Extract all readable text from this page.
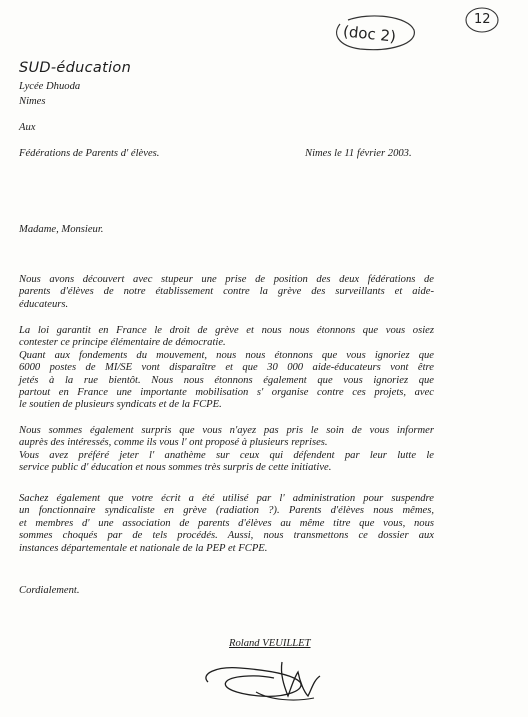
(doc 2)
12
SUD-éducation
Lycée Dhuoda
Nimes
Aux
Fédérations de Parents d' élèves.	Nimes le 11 février 2003.
Madame, Monsieur.
Nous avons découvert avec stupeur une prise de position des deux fédérations de
parents d'élèves de notre établissement contre la grève des surveillants et aide-
éducateurs.
La loi garantit en France le droit de grève et nous nous étonnons que vous osiez
contester ce principe élémentaire de démocratie.
Quant aux fondements du mouvement, nous nous étonnons que vous ignoriez que
6000 postes de MI/SE vont disparaître et que 30 000 aide-éducateurs vont être
jetés à la rue bientôt. Nous nous étonnons également que vous ignoriez que
partout en France une importante mobilisation s' organise contre ces projets, avec
le soutien de plusieurs syndicats et de la FCPE.
Nous sommes également surpris que vous n'ayez pas pris le soin de vous informer
auprès des intéressés, comme ils vous l' ont proposé à plusieurs reprises.
Vous avez préféré jeter l' anathème sur ceux qui défendent par leur lutte le
service public d' éducation et nous sommes très surpris de cette initiative.
Sachez également que votre écrit a été utilisé par l' administration pour suspendre
un fonctionnaire syndicaliste en grève (radiation ?). Parents d'élèves nous mêmes,
et membres d' une association de parents d'élèves au même titre que vous, nous
sommes choqués par de tels procédés. Aussi, nous transmettons ce dossier aux
instances départementale et nationale de la PEP et FCPE.
Cordialement.
Roland VEUILLET
